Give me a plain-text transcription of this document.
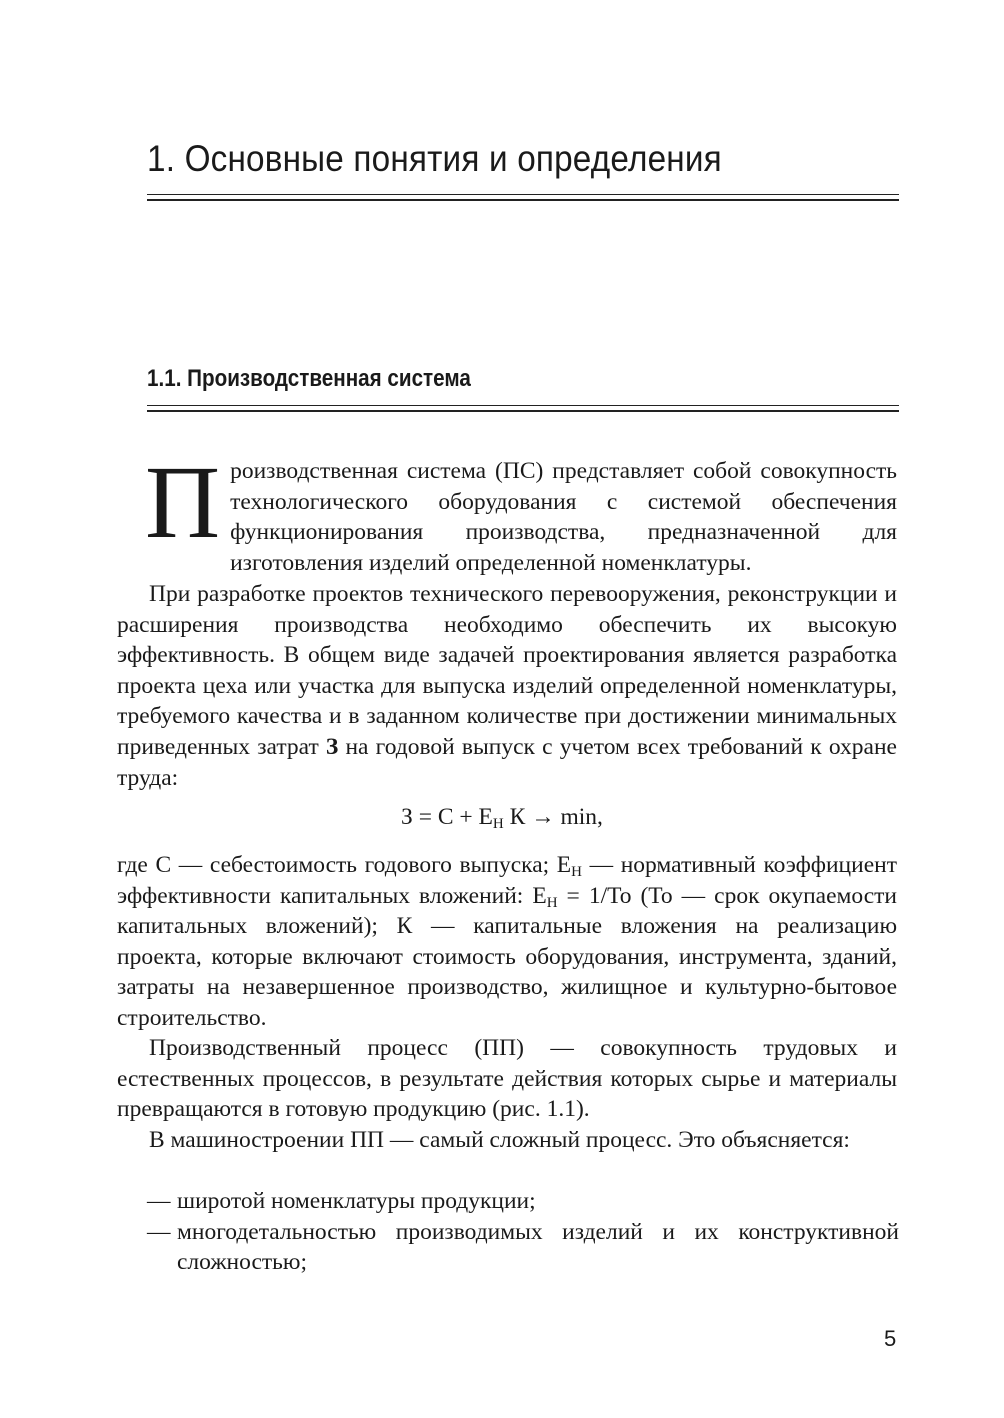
1. Основные понятия и определения
1.1. Производственная система

Производственная система (ПС) представляет собой совокупность технологического оборудования с системой обеспечения функционирования производства, предназначенной для изготовления изделий определенной номенклатуры.

При разработке проектов технического перевооружения, реконструкции и расширения производства необходимо обеспечить их высокую эффективность. В общем виде задачей проектирования является разработка проекта цеха или участка для выпуска изделий определенной номенклатуры, требуемого качества и в заданном количестве при достижении минимальных приведенных затрат З на годовой выпуск с учетом всех требований к охране труда:

$З = С + Е_Н$ К → min,

где С — себестоимость годового выпуска; $Е_Н$ — нормативный коэффициент эффективности капитальных вложений: $Е_Н = 1/То$ (То — срок окупаемости капитальных вложений); К — капитальные вложения на реализацию проекта, которые включают стоимость оборудования, инструмента, зданий, затраты на незавершенное производство, жилищное и культурно-бытовое строительство.

Производственный процесс (ПП) — совокупность трудовых и естественных процессов, в результате действия которых сырье и материалы превращаются в готовую продукцию (рис. 1.1).

В машиностроении ПП — самый сложный процесс. Это объясняется:

— широтой номенклатуры продукции;
— многодетальностью производимых изделий и их конструктивной сложностью;
5
